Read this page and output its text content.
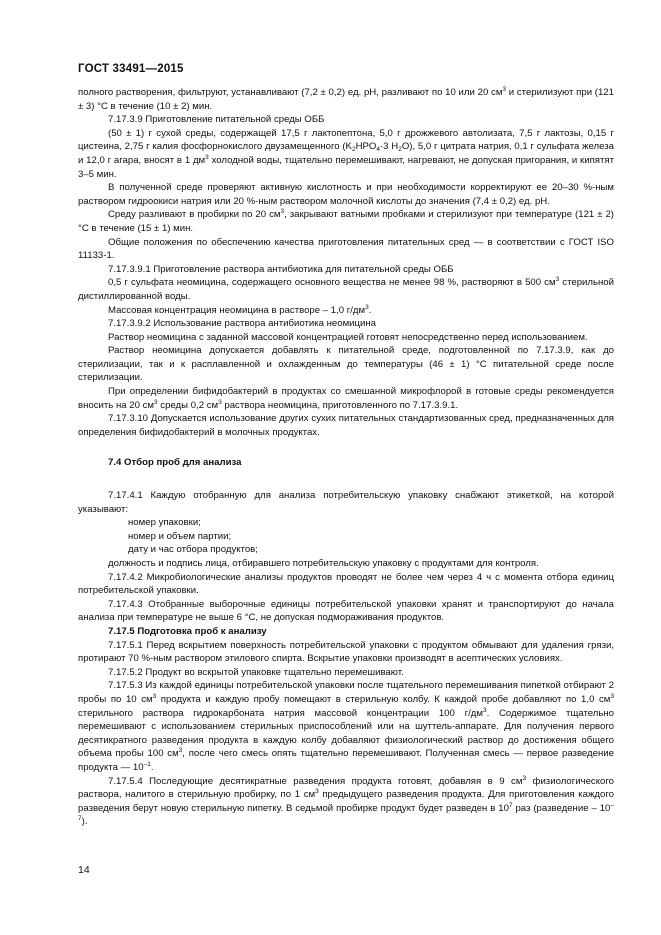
ГОСТ 33491—2015

полного растворения, фильтруют, устанавливают (7,2 ± 0,2) ед. pH, разливают по 10 или 20 $см^3$ и стерилизуют при (121 ± 3) °С в течение (10 ± 2) мин.

7.17.3.9 Приготовление питательной среды ОББ

(50 ± 1) г сухой среды, содержащей 17,5 г лактопептона, 5,0 г дрожжевого автолизата, 7,5 г лактозы, 0,15 г цистеина, 2,75 г калия фосфорнокислого двузамещенного ($K_2HPO_4\cdot 3$ $H_2O$), 5,0 г цитрата натрия, 0,1 г сульфата железа и 12,0 г агара, вносят в 1 $дм^3$ холодной воды, тщательно перемешивают, нагревают, не допуская пригорания, и кипятят 3–5 мин.

В полученной среде проверяют активную кислотность и при необходимости корректируют ее 20–30 %-ным раствором гидроокиси натрия или 20 %-ным раствором молочной кислоты до значения (7,4 ± 0,2) ед. pH.

Среду разливают в пробирки по 20 $см^3$, закрывают ватными пробками и стерилизуют при температуре (121 ± 2) °С в течение (15 ± 1) мин.

Общие положения по обеспечению качества приготовления питательных сред — в соответствии с ГОСТ ISO 11133-1.

7.17.3.9.1 Приготовление раствора антибиотика для питательной среды ОББ

0,5 г сульфата неомицина, содержащего основного вещества не менее 98 %, растворяют в 500 $см^3$ стерильной дистиллированной воды.

Массовая концентрация неомицина в растворе – 1,0 $г/дм^3$.

7.17.3.9.2 Использование раствора антибиотика неомицина

Раствор неомицина с заданной массовой концентрацией готовят непосредственно перед использованием.

Раствор неомицина допускается добавлять к питательной среде, подготовленной по 7.17.3.9, как до стерилизации, так и к расплавленной и охлажденным до температуры (46 ± 1) °С питательной среде после стерилизации.

При определении бифидобактерий в продуктах со смешанной микрофлорой в готовые среды рекомендуется вносить на 20 $см^3$ среды 0,2 $см^3$ раствора неомицина, приготовленного по 7.17.3.9.1.

7.17.3.10 Допускается использование других сухих питательных стандартизованных сред, предназначенных для определения бифидобактерий в молочных продуктах.

7.4 Отбор проб для анализа

7.17.4.1 Каждую отобранную для анализа потребительскую упаковку снабжают этикеткой, на которой указывают:

номер упаковки;

номер и объем партии;

дату и час отбора продуктов;

должность и подпись лица, отбиравшего потребительскую упаковку с продуктами для контроля.

7.17.4.2 Микробиологические анализы продуктов проводят не более чем через 4 ч с момента отбора единиц потребительской упаковки.

7.17.4.3 Отобранные выборочные единицы потребительской упаковки хранят и транспортируют до начала анализа при температуре не выше 6 °С, не допуская подмораживания продуктов.

7.17.5 Подготовка проб к анализу

7.17.5.1 Перед вскрытием поверхность потребительской упаковки с продуктом обмывают для удаления грязи, протирают 70 %-ным раствором этилового спирта. Вскрытие упаковки производят в асептических условиях.

7.17.5.2 Продукт во вскрытой упаковке тщательно перемешивают.

7.17.5.3 Из каждой единицы потребительской упаковки после тщательного перемешивания пипеткой отбирают 2 пробы по 10 $см^3$ продукта и каждую пробу помещают в стерильную колбу. К каждой пробе добавляют по 1,0 $см^3$ стерильного раствора гидрокарбоната натрия массовой концентрации 100 $г/дм^3$. Содержимое тщательно перемешивают с использованием стерильных приспособлений или на шуттель-аппарате. Для получения первого десятикратного разведения продукта в каждую колбу добавляют физиологический раствор до достижения общего объема пробы 100 $см^3$, после чего смесь опять тщательно перемешивают. Полученная смесь — первое разведение продукта — $10^{-1}$.

7.17.5.4 Последующие десятикратные разведения продукта готовят, добавляя в 9 $см^3$ физиологического раствора, налитого в стерильную пробирку, по 1 $см^3$ предыдущего разведения продукта. Для приготовления каждого разведения берут новую стерильную пипетку. В седьмой пробирке продукт будет разведен в $10^7$ раз (разведение – $10^{-7}$).

14
